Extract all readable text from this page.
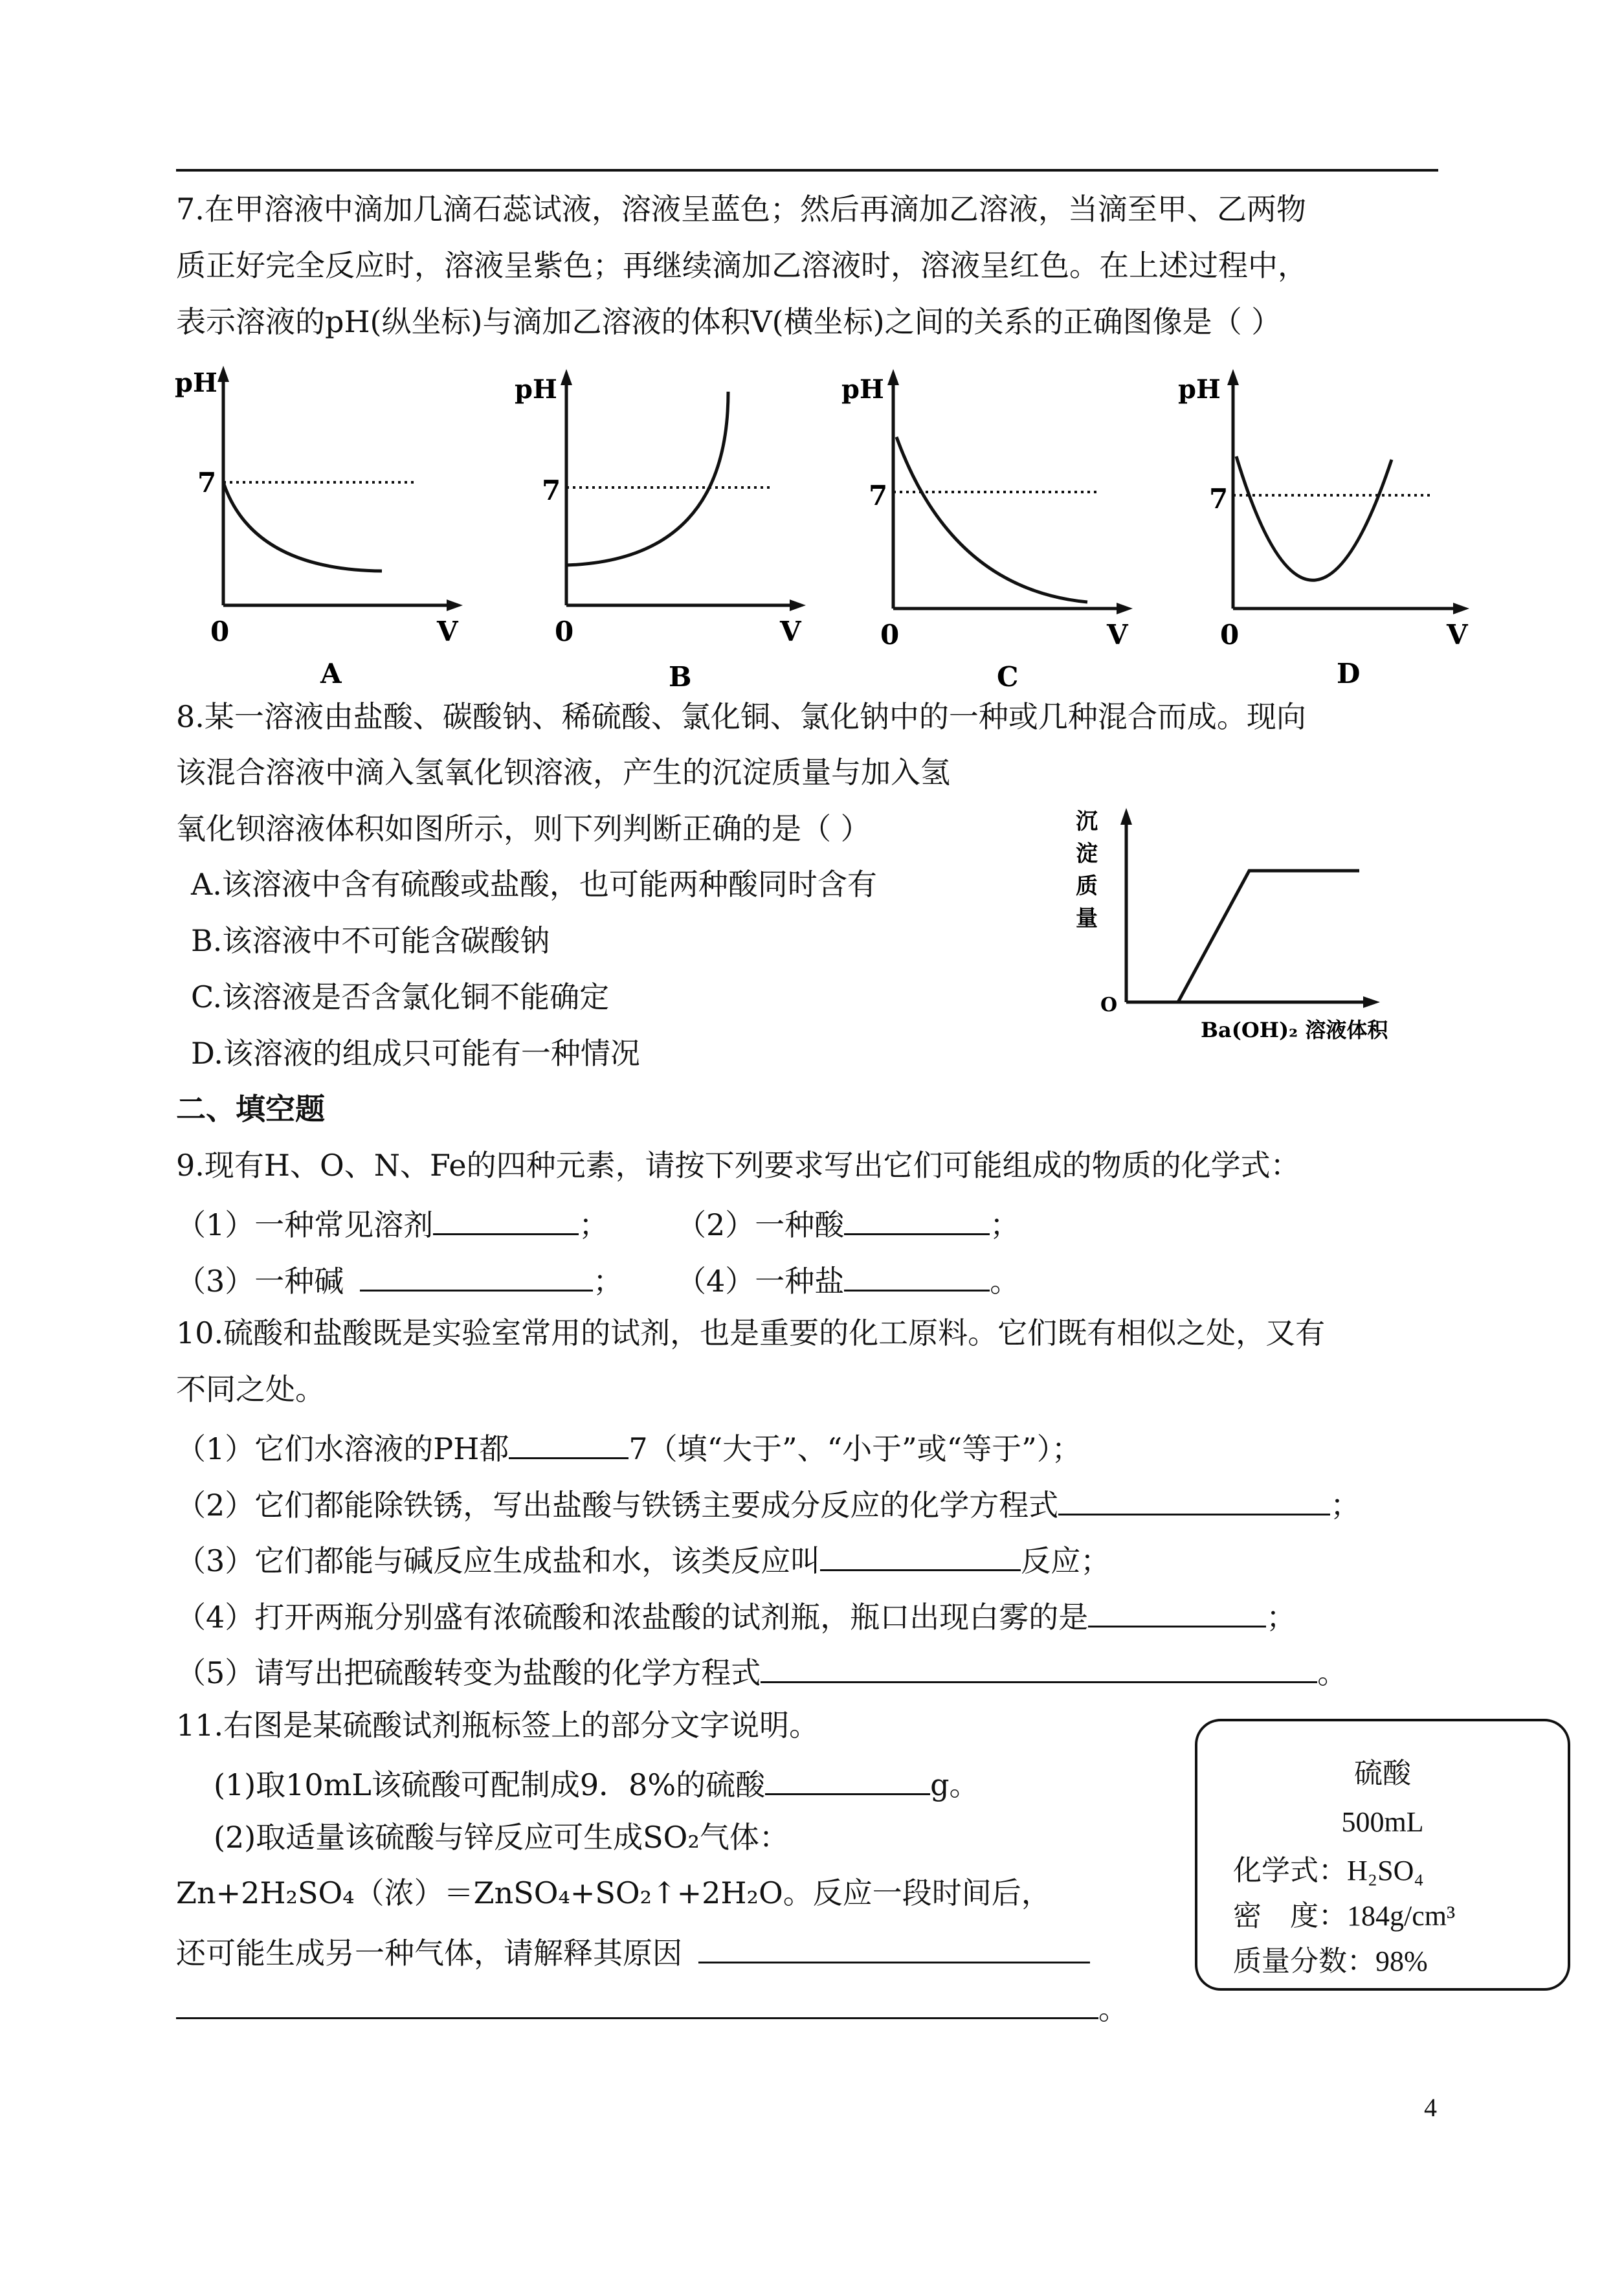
7.在甲溶液中滴加几滴石蕊试液，溶液呈蓝色；然后再滴加乙溶液，当滴至甲、乙两物
质正好完全反应时，溶液呈紫色；再继续滴加乙溶液时，溶液呈红色。在上述过程中，
表示溶液的pH(纵坐标)与滴加乙溶液的体积V(横坐标)之间的关系的正确图像是（ ）
pH
7
0	V
A
pH
7
0	V
B
pH
7
0	V
C
pH
7
0	V
D
8.某一溶液由盐酸、碳酸钠、稀硫酸、氯化铜、氯化钠中的一种或几种混合而成。现向
该混合溶液中滴入氢氧化钡溶液，产生的沉淀质量与加入氢
氧化钡溶液体积如图所示，则下列判断正确的是（ ）
A.该溶液中含有硫酸或盐酸，也可能两种酸同时含有
B.该溶液中不可能含碳酸钠
C.该溶液是否含氯化铜不能确定
D.该溶液的组成只可能有一种情况
沉
淀
质
量
O
Ba(OH)₂ 溶液体积
二、填空题
9.现有H、O、N、Fe的四种元素，请按下列要求写出它们可能组成的物质的化学式：
（1）一种常见溶剂	； （2）一种酸	；
（3）一种碱	； （4）一种盐	。
10.硫酸和盐酸既是实验室常用的试剂，也是重要的化工原料。它们既有相似之处，又有
不同之处。
（1）它们水溶液的PH都	7（填“大于”、“小于”或“等于”）；
（2）它们都能除铁锈，写出盐酸与铁锈主要成分反应的化学方程式	；
（3）它们都能与碱反应生成盐和水，该类反应叫	反应；
（4）打开两瓶分别盛有浓硫酸和浓盐酸的试剂瓶，瓶口出现白雾的是	；
（5）请写出把硫酸转变为盐酸的化学方程式	。
11.右图是某硫酸试剂瓶标签上的部分文字说明。
(1)取10mL该硫酸可配制成9．8%的硫酸	g。
(2)取适量该硫酸与锌反应可生成SO₂气体：
Zn+2H₂SO₄（浓）＝ZnSO₄+SO₂↑+2H₂O。反应一段时间后，
还可能生成另一种气体，请解释其原因
。
硫酸
500mL
化学式：H₂SO₄
密　度：184g/cm³
质量分数：98%
4
